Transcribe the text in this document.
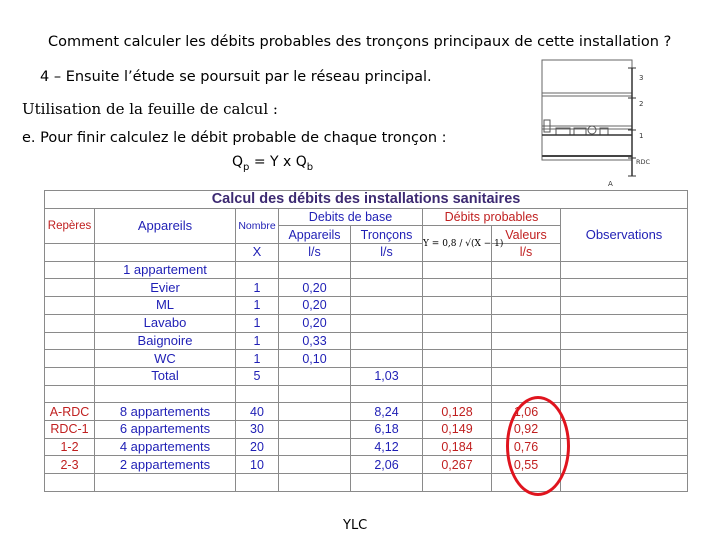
Comment calculer les débits probables des tronçons principaux de cette installation ?
4 – Ensuite l’étude se poursuit par le réseau principal.
Utilisation de la feuille de calcul :
e. Pour finir calculez le débit probable de chaque tronçon :
$Q_p = Y$ x $Q_b$
3
2
1
RDC
A
Calcul des débits des installations sanitaires							
Repères	Appareils	Nombre	Debits de base		Débits probables		Observations
			Appareils	Tronçons	Y = 0,8 / √(X − 1)	Valeurs	
		X	l/s	l/s		l/s	
	1 appartement						
	Evier	1	0,20				
	ML	1	0,20				
	Lavabo	1	0,20				
	Baignoire	1	0,33				
	WC	1	0,10				
	Total	5		1,03			

A-RDC	8 appartements	40		8,24	0,128	1,06	
RDC-1	6 appartements	30		6,18	0,149	0,92	
1-2	4 appartements	20		4,12	0,184	0,76	
2-3	2 appartements	10		2,06	0,267	0,55	

YLC
